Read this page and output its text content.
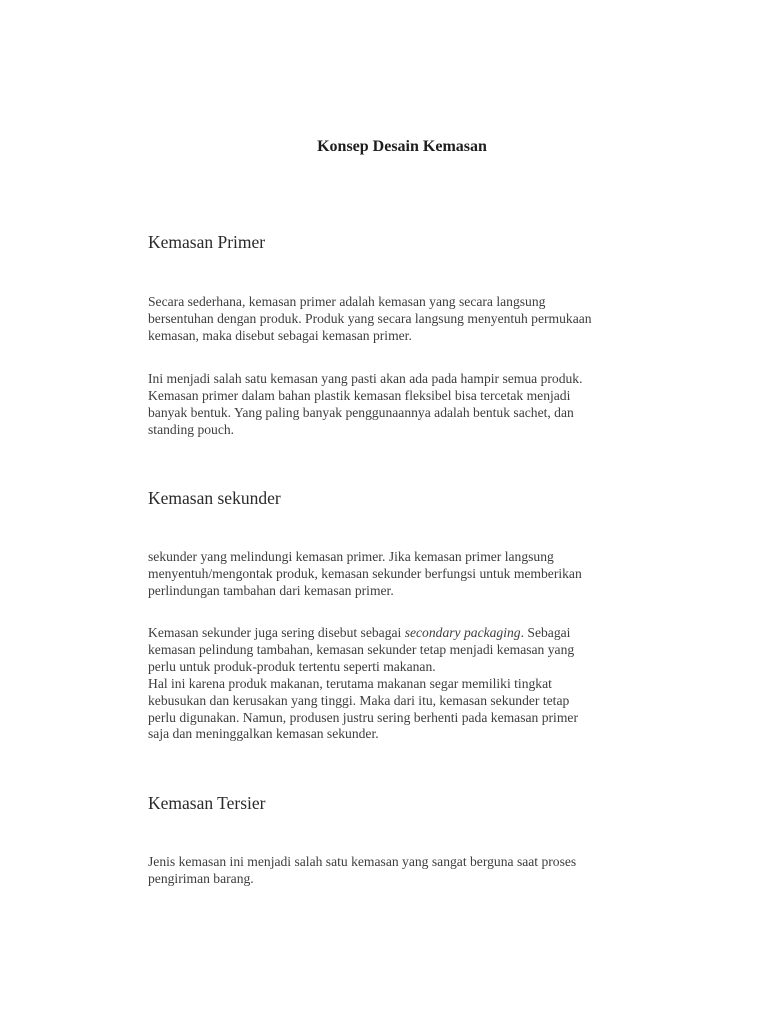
Konsep Desain Kemasan
Kemasan Primer

Secara sederhana, kemasan primer adalah kemasan yang secara langsung
bersentuhan dengan produk. Produk yang secara langsung menyentuh permukaan
kemasan, maka disebut sebagai kemasan primer.

Ini menjadi salah satu kemasan yang pasti akan ada pada hampir semua produk.
Kemasan primer dalam bahan plastik kemasan fleksibel bisa tercetak menjadi
banyak bentuk. Yang paling banyak penggunaannya adalah bentuk sachet, dan
standing pouch.

Kemasan sekunder

sekunder yang melindungi kemasan primer. Jika kemasan primer langsung
menyentuh/mengontak produk, kemasan sekunder berfungsi untuk memberikan
perlindungan tambahan dari kemasan primer.

Kemasan sekunder juga sering disebut sebagai secondary packaging. Sebagai
kemasan pelindung tambahan, kemasan sekunder tetap menjadi kemasan yang
perlu untuk produk-produk tertentu seperti makanan.
Hal ini karena produk makanan, terutama makanan segar memiliki tingkat
kebusukan dan kerusakan yang tinggi. Maka dari itu, kemasan sekunder tetap
perlu digunakan. Namun, produsen justru sering berhenti pada kemasan primer
saja dan meninggalkan kemasan sekunder.

Kemasan Tersier

Jenis kemasan ini menjadi salah satu kemasan yang sangat berguna saat proses
pengiriman barang.
